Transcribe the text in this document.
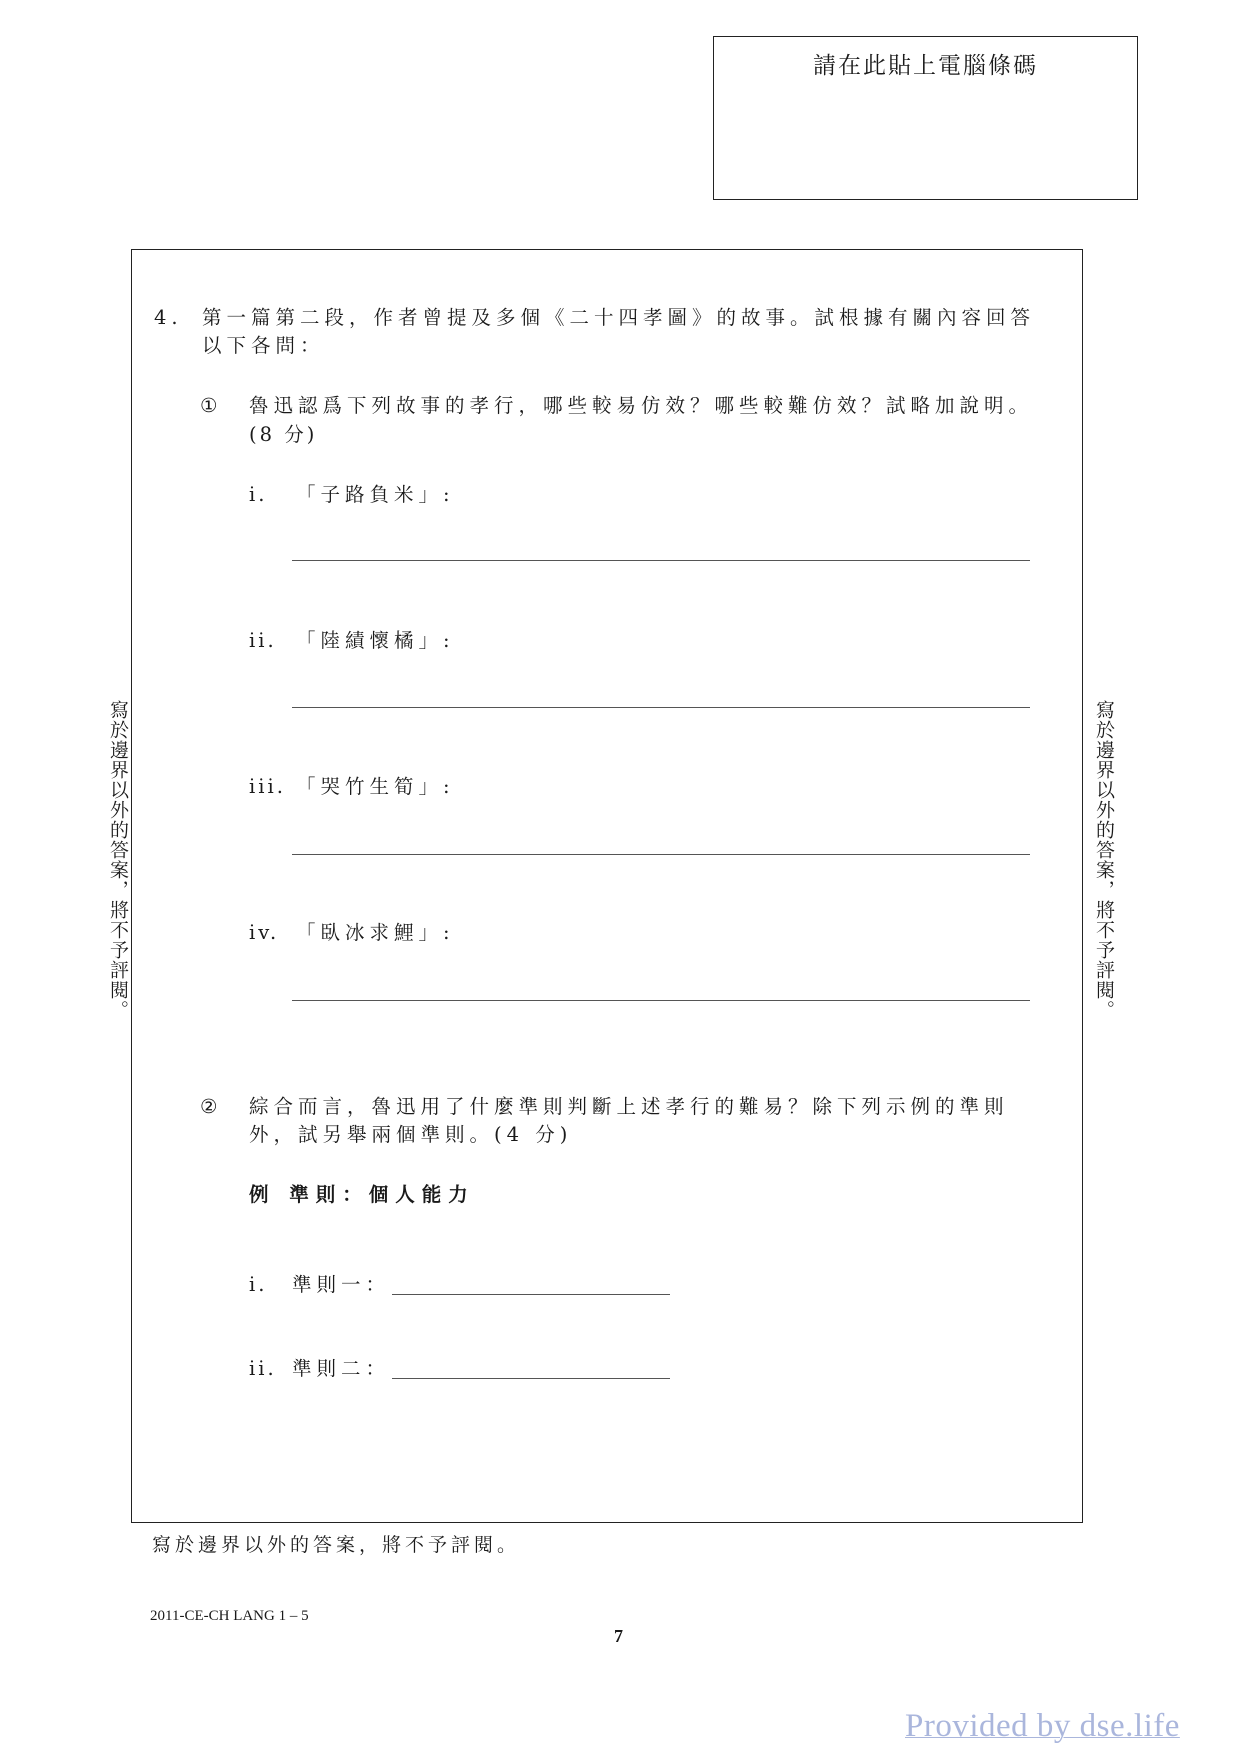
請在此貼上電腦條碼
4. 第一篇第二段，作者曾提及多個《二十四孝圖》的故事。試根據有關內容回答
以下各問：
① 魯迅認爲下列故事的孝行，哪些較易仿效？哪些較難仿效？試略加說明。
(8 分)
i. 「子路負米」:
ii. 「陸績懷橘」:
iii. 「哭竹生筍」:
iv. 「臥冰求鯉」:
② 綜合而言，魯迅用了什麼準則判斷上述孝行的難易？除下列示例的準則
外，試另舉兩個準則。(4 分)
例 準則：個人能力
i. 準則一：
ii. 準則二：
寫於邊界以外的答案，將不予評閱。	寫於邊界以外的答案，將不予評閱。
寫於邊界以外的答案，將不予評閱。
2011-CE-CH LANG 1 – 5
7
Provided by dse.life
